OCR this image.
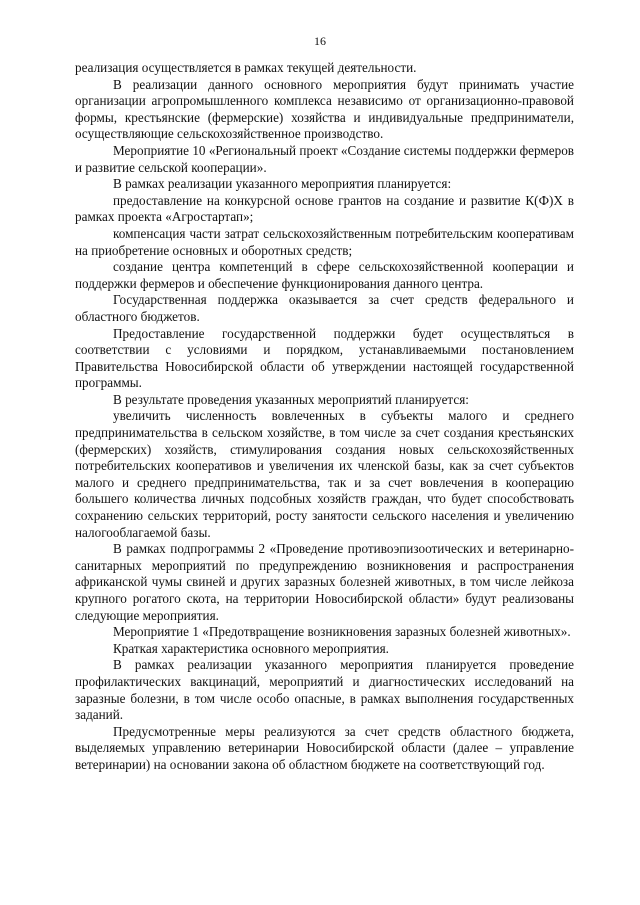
16

реализация осуществляется в рамках текущей деятельности.

В реализации данного основного мероприятия будут принимать участие организации агропромышленного комплекса независимо от организационно-правовой формы, крестьянские (фермерские) хозяйства и индивидуальные предприниматели, осуществляющие сельскохозяйственное производство.

Мероприятие 10 «Региональный проект «Создание системы поддержки фермеров и развитие сельской кооперации».

В рамках реализации указанного мероприятия планируется:

предоставление на конкурсной основе грантов на создание и развитие К(Ф)Х в рамках проекта «Агростартап»;

компенсация части затрат сельскохозяйственным потребительским кооперативам на приобретение основных и оборотных средств;

создание центра компетенций в сфере сельскохозяйственной кооперации и поддержки фермеров и обеспечение функционирования данного центра.

Государственная поддержка оказывается за счет средств федерального и областного бюджетов.

Предоставление государственной поддержки будет осуществляться в соответствии с условиями и порядком, устанавливаемыми постановлением Правительства Новосибирской области об утверждении настоящей государственной программы.

В результате проведения указанных мероприятий планируется:

увеличить численность вовлеченных в субъекты малого и среднего предпринимательства в сельском хозяйстве, в том числе за счет создания крестьянских (фермерских) хозяйств, стимулирования создания новых сельскохозяйственных потребительских кооперативов и увеличения их членской базы, как за счет субъектов малого и среднего предпринимательства, так и за счет вовлечения в кооперацию большего количества личных подсобных хозяйств граждан, что будет способствовать сохранению сельских территорий, росту занятости сельского населения и увеличению налогооблагаемой базы.

В рамках подпрограммы 2 «Проведение противоэпизоотических и ветеринарно-санитарных мероприятий по предупреждению возникновения и распространения африканской чумы свиней и других заразных болезней животных, в том числе лейкоза крупного рогатого скота, на территории Новосибирской области» будут реализованы следующие мероприятия.

Мероприятие 1 «Предотвращение возникновения заразных болезней животных».

Краткая характеристика основного мероприятия.

В рамках реализации указанного мероприятия планируется проведение профилактических вакцинаций, мероприятий и диагностических исследований на заразные болезни, в том числе особо опасные, в рамках выполнения государственных заданий.

Предусмотренные меры реализуются за счет средств областного бюджета, выделяемых управлению ветеринарии Новосибирской области (далее – управление ветеринарии) на основании закона об областном бюджете на соответствующий год.
